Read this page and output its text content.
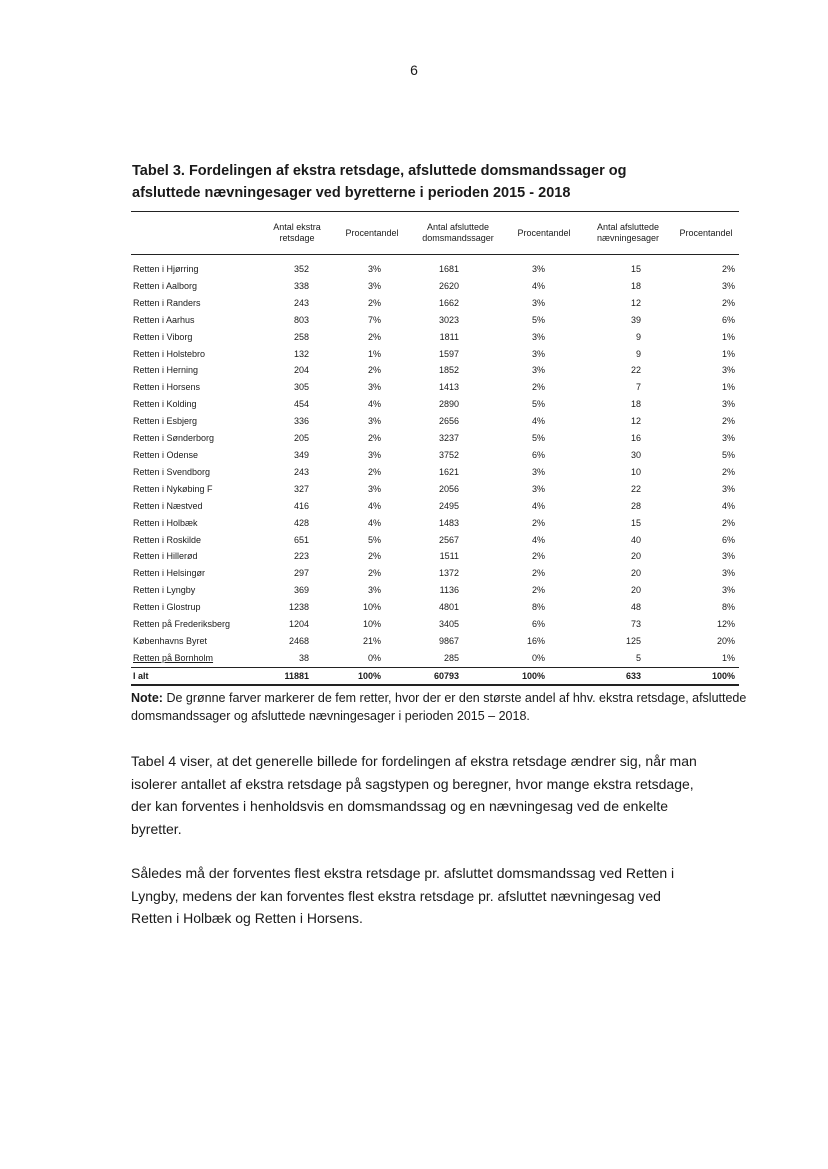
6
Tabel 3. Fordelingen af ekstra retsdage, afsluttede domsmandssager og afsluttede nævningesager ved byretterne i perioden 2015 - 2018
	Antal ekstra retsdage	Procentandel	Antal afsluttede domsmandssager	Procentandel	Antal afsluttede nævningesager	Procentandel
Retten i Hjørring	352	3%	1681	3%	15	2%
Retten i Aalborg	338	3%	2620	4%	18	3%
Retten i Randers	243	2%	1662	3%	12	2%
Retten i Aarhus	803	7%	3023	5%	39	6%
Retten i Viborg	258	2%	1811	3%	9	1%
Retten i Holstebro	132	1%	1597	3%	9	1%
Retten i Herning	204	2%	1852	3%	22	3%
Retten i Horsens	305	3%	1413	2%	7	1%
Retten i Kolding	454	4%	2890	5%	18	3%
Retten i Esbjerg	336	3%	2656	4%	12	2%
Retten i Sønderborg	205	2%	3237	5%	16	3%
Retten i Odense	349	3%	3752	6%	30	5%
Retten i Svendborg	243	2%	1621	3%	10	2%
Retten i Nykøbing F	327	3%	2056	3%	22	3%
Retten i Næstved	416	4%	2495	4%	28	4%
Retten i Holbæk	428	4%	1483	2%	15	2%
Retten i Roskilde	651	5%	2567	4%	40	6%
Retten i Hillerød	223	2%	1511	2%	20	3%
Retten i Helsingør	297	2%	1372	2%	20	3%
Retten i Lyngby	369	3%	1136	2%	20	3%
Retten i Glostrup	1238	10%	4801	8%	48	8%
Retten på Frederiksberg	1204	10%	3405	6%	73	12%
Københavns Byret	2468	21%	9867	16%	125	20%
Retten på Bornholm	38	0%	285	0%	5	1%
I alt	11881	100%	60793	100%	633	100%
Note: De grønne farver markerer de fem retter, hvor der er den største andel af hhv. ekstra retsdage, afsluttede domsmandssager og afsluttede nævningesager i perioden 2015 – 2018.
Tabel 4 viser, at det generelle billede for fordelingen af ekstra retsdage ændrer sig, når man isolerer antallet af ekstra retsdage på sagstypen og beregner, hvor mange ekstra retsdage, der kan forventes i henholdsvis en domsmandssag og en nævningesag ved de enkelte byretter.
Således må der forventes flest ekstra retsdage pr. afsluttet domsmandssag ved Retten i Lyngby, medens der kan forventes flest ekstra retsdage pr. afsluttet nævningesag ved Retten i Holbæk og Retten i Horsens.
